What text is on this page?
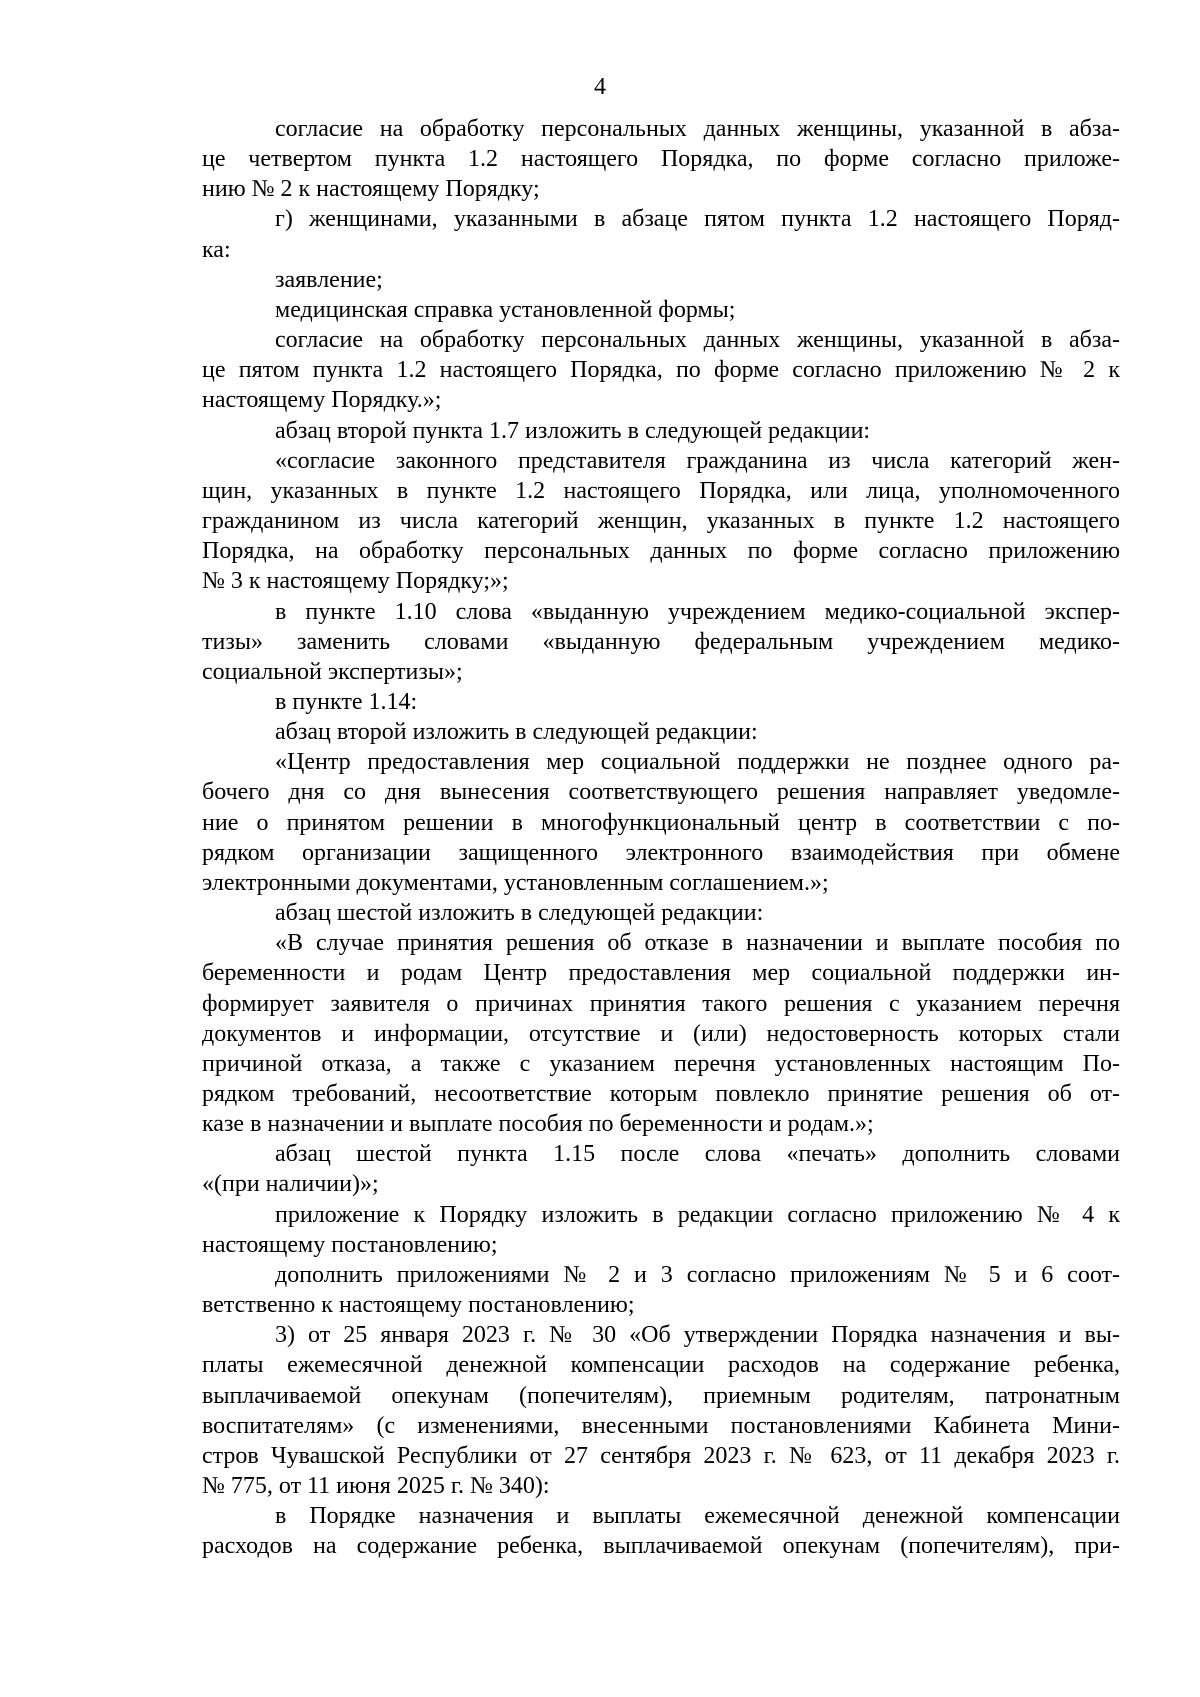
4
согласие на обработку персональных данных женщины, указанной в абза-
це четвертом пункта 1.2 настоящего Порядка, по форме согласно приложе-
нию № 2 к настоящему Порядку;
г) женщинами, указанными в абзаце пятом пункта 1.2 настоящего Поряд-
ка:
заявление;
медицинская справка установленной формы;
согласие на обработку персональных данных женщины, указанной в абза-
це пятом пункта 1.2 настоящего Порядка, по форме согласно приложению № 2 к
настоящему Порядку.»;
абзац второй пункта 1.7 изложить в следующей редакции:
«согласие законного представителя гражданина из числа категорий жен-
щин, указанных в пункте 1.2 настоящего Порядка, или лица, уполномоченного
гражданином из числа категорий женщин, указанных в пункте 1.2 настоящего
Порядка, на обработку персональных данных по форме согласно приложению
№ 3 к настоящему Порядку;»;
в пункте 1.10 слова «выданную учреждением медико-социальной экспер-
тизы» заменить словами «выданную федеральным учреждением медико-
социальной экспертизы»;
в пункте 1.14:
абзац второй изложить в следующей редакции:
«Центр предоставления мер социальной поддержки не позднее одного ра-
бочего дня со дня вынесения соответствующего решения направляет уведомле-
ние о принятом решении в многофункциональный центр в соответствии с по-
рядком организации защищенного электронного взаимодействия при обмене
электронными документами, установленным соглашением.»;
абзац шестой изложить в следующей редакции:
«В случае принятия решения об отказе в назначении и выплате пособия по
беременности и родам Центр предоставления мер социальной поддержки ин-
формирует заявителя о причинах принятия такого решения с указанием перечня
документов и информации, отсутствие и (или) недостоверность которых стали
причиной отказа, а также с указанием перечня установленных настоящим По-
рядком требований, несоответствие которым повлекло принятие решения об от-
казе в назначении и выплате пособия по беременности и родам.»;
абзац шестой пункта 1.15 после слова «печать» дополнить словами
«(при наличии)»;
приложение к Порядку изложить в редакции согласно приложению № 4 к
настоящему постановлению;
дополнить приложениями № 2 и 3 согласно приложениям № 5 и 6 соот-
ветственно к настоящему постановлению;
3) от 25 января 2023 г. № 30 «Об утверждении Порядка назначения и вы-
платы ежемесячной денежной компенсации расходов на содержание ребенка,
выплачиваемой опекунам (попечителям), приемным родителям, патронатным
воспитателям» (с изменениями, внесенными постановлениями Кабинета Мини-
стров Чувашской Республики от 27 сентября 2023 г. № 623, от 11 декабря 2023 г.
№ 775, от 11 июня 2025 г. № 340):
в Порядке назначения и выплаты ежемесячной денежной компенсации
расходов на содержание ребенка, выплачиваемой опекунам (попечителям), при-
